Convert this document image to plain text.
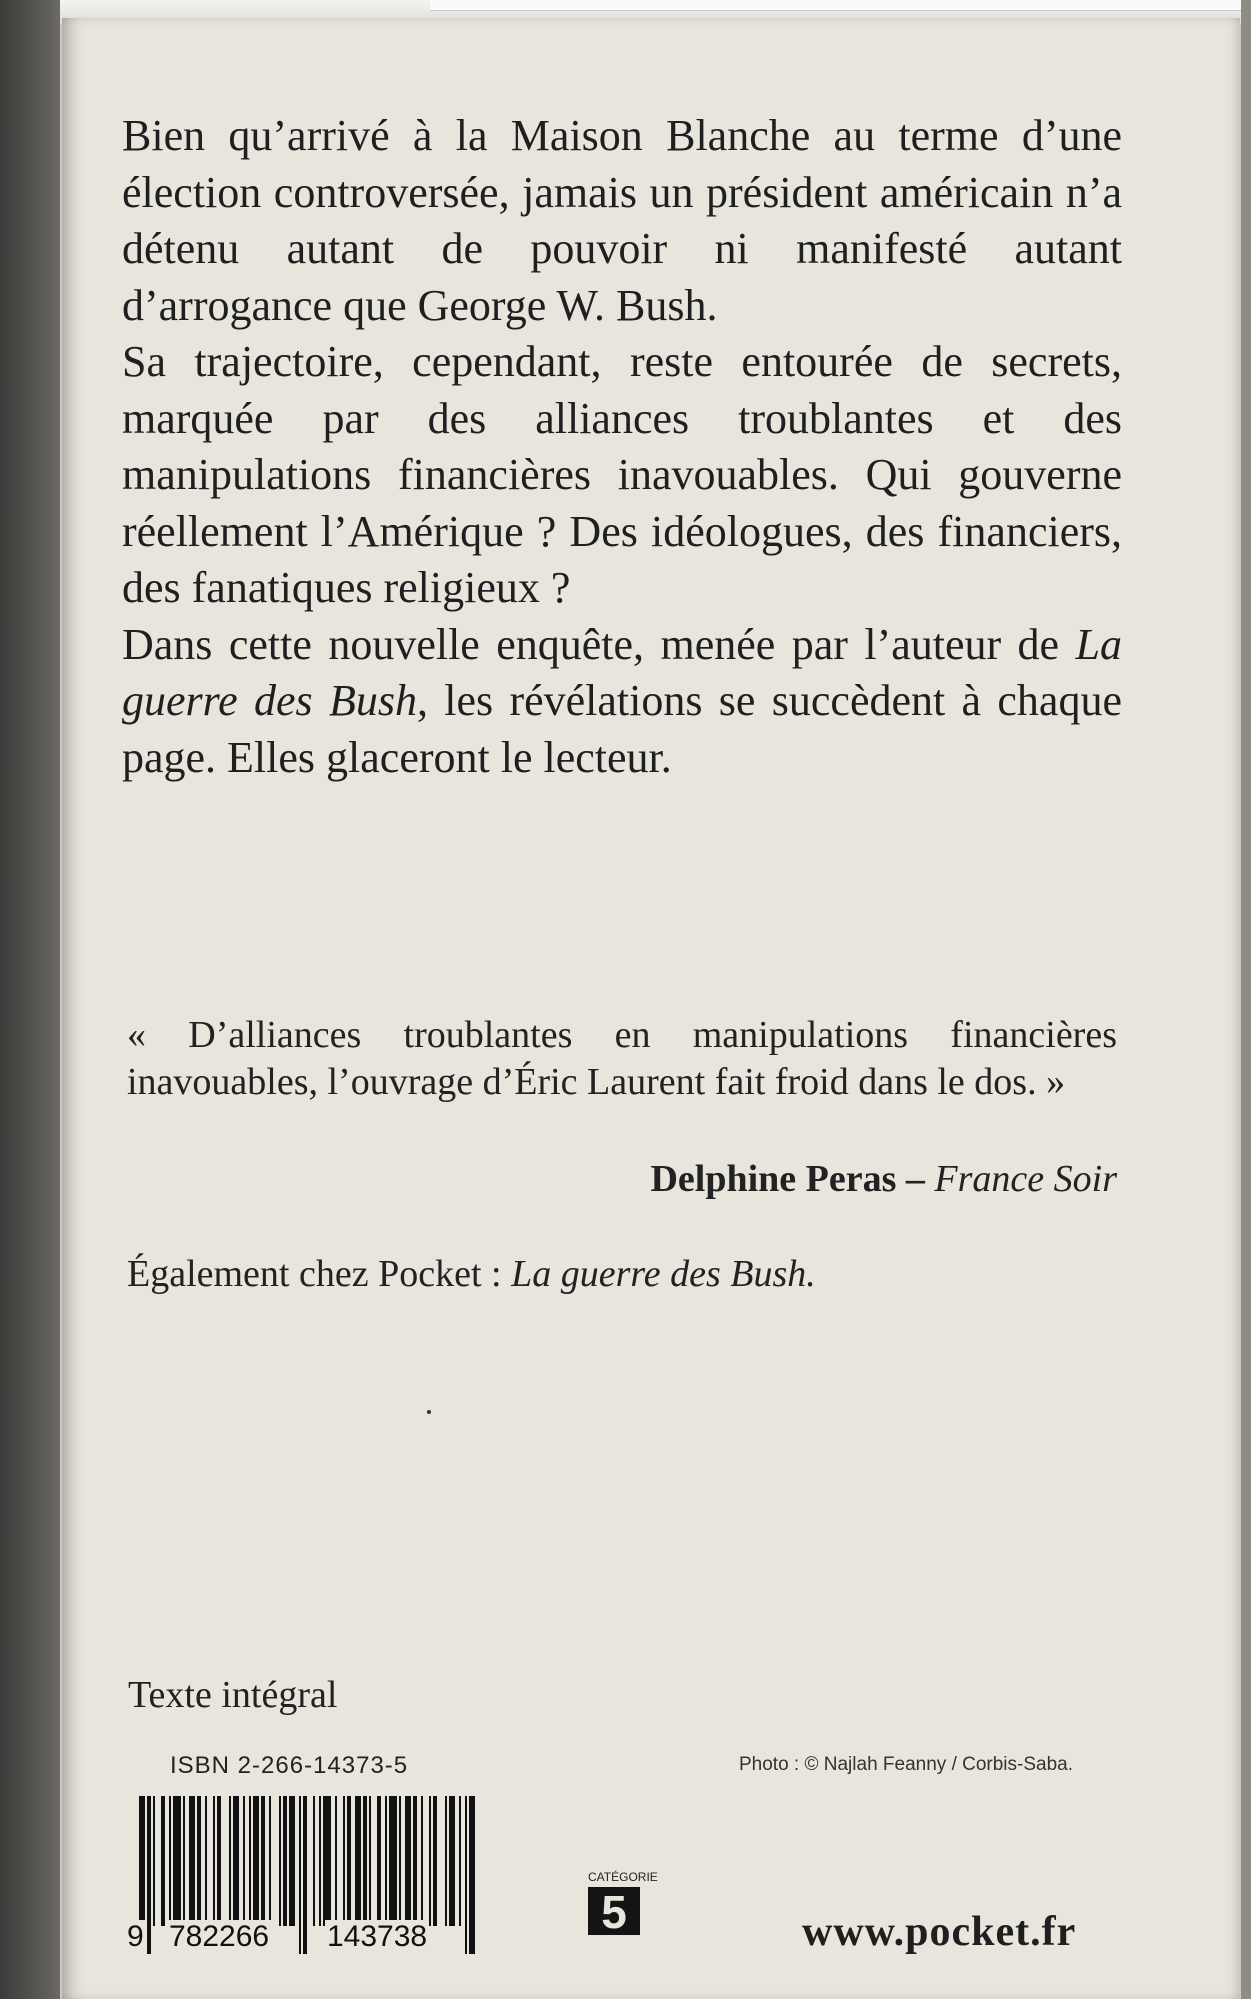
Bien qu’arrivé à la Maison Blanche au terme d’une élection controversée, jamais un président américain n’a détenu autant de pouvoir ni manifesté autant d’arrogance que George W. Bush.

Sa trajectoire, cependant, reste entourée de secrets, marquée par des alliances troublantes et des manipulations financières inavouables. Qui gouverne réellement l’Amérique ? Des idéologues, des financiers, des fanatiques religieux ?

Dans cette nouvelle enquête, menée par l’auteur de La guerre des Bush, les révélations se succèdent à chaque page. Elles glaceront le lecteur.

« D’alliances troublantes en manipulations financières inavouables, l’ouvrage d’Éric Laurent fait froid dans le dos. »
Delphine Peras – France Soir
Également chez Pocket : La guerre des Bush.
Texte intégral
ISBN 2-266-14373-5	Photo : © Najlah Feanny / Corbis-Saba.
9 782266 143738
CATÉGORIE
5	www.pocket.fr
